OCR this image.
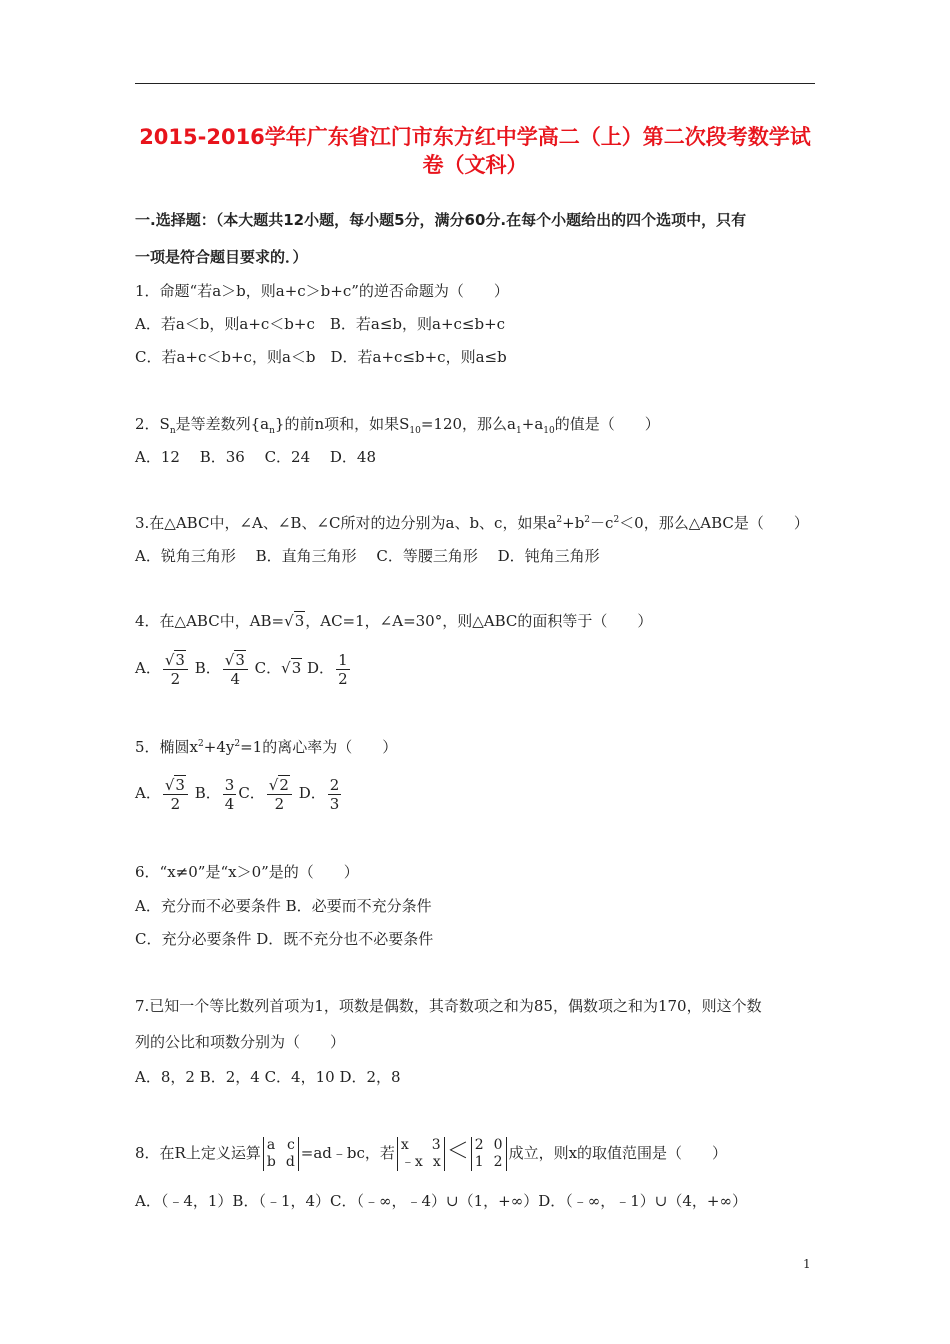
2015-2016学年广东省江门市东方红中学高二（上）第二次段考数学试卷（文科）
一.选择题：（本大题共12小题，每小题5分，满分60分.在每个小题给出的四个选项中，只有
一项是符合题目要求的．）
1．命题“若a＞b，则a+c＞b+c”的逆否命题为（　　）
A．若a＜b，则a+c＜b+c　B．若a≤b，则a+c≤b+c
C．若a+c＜b+c，则a＜b　D．若a+c≤b+c，则a≤b
2．$S_n$是等差数列$\{a_n\}$的前n项和，如果$S_{10}=120$，那么$a_1+a_{10}$的值是（　　）
A．12　 B．36　 C．24　 D．48
3.在△ABC中，∠A、∠B、∠C所对的边分别为a、b、c，如果$a^2+b^2-c^2<0$，那么△ABC是（　　）
A．锐角三角形　 B．直角三角形　 C．等腰三角形　 D．钝角三角形
4．在△ABC中，AB=√3，AC=1，∠A=30°，则△ABC的面积等于（　　）
A． $\frac{√3}{2}$ B． $\frac{√3}{4}$ C．√3 D． $\frac{1}{2}$
5．椭圆$x^2+4y^2=1$的离心率为（　　）
A． $\frac{√3}{2}$ B． $\frac{3}{4}$ C． $\frac{√2}{2}$ D． $\frac{2}{3}$
6．“x≠0”是“x＞0”是的（　　）
A．充分而不必要条件 B．必要而不充分条件
C．充分必要条件 D．既不充分也不必要条件
7.已知一个等比数列首项为1，项数是偶数，其奇数项之和为85，偶数项之和为170，则这个数
列的公比和项数分别为（　　）
A．8，2 B．2，4 C．4，10 D．2，8
8．在R上定义运算 a c
b d =ad﹣bc，若 x 3
﹣x x ＜ 2 0
1 2 成立，则x的取值范围是（　　）
A．（﹣4，1）B．（﹣1，4）C．（﹣∞，﹣4）∪（1，+∞）D．（﹣∞，﹣1）∪（4，+∞）
1
